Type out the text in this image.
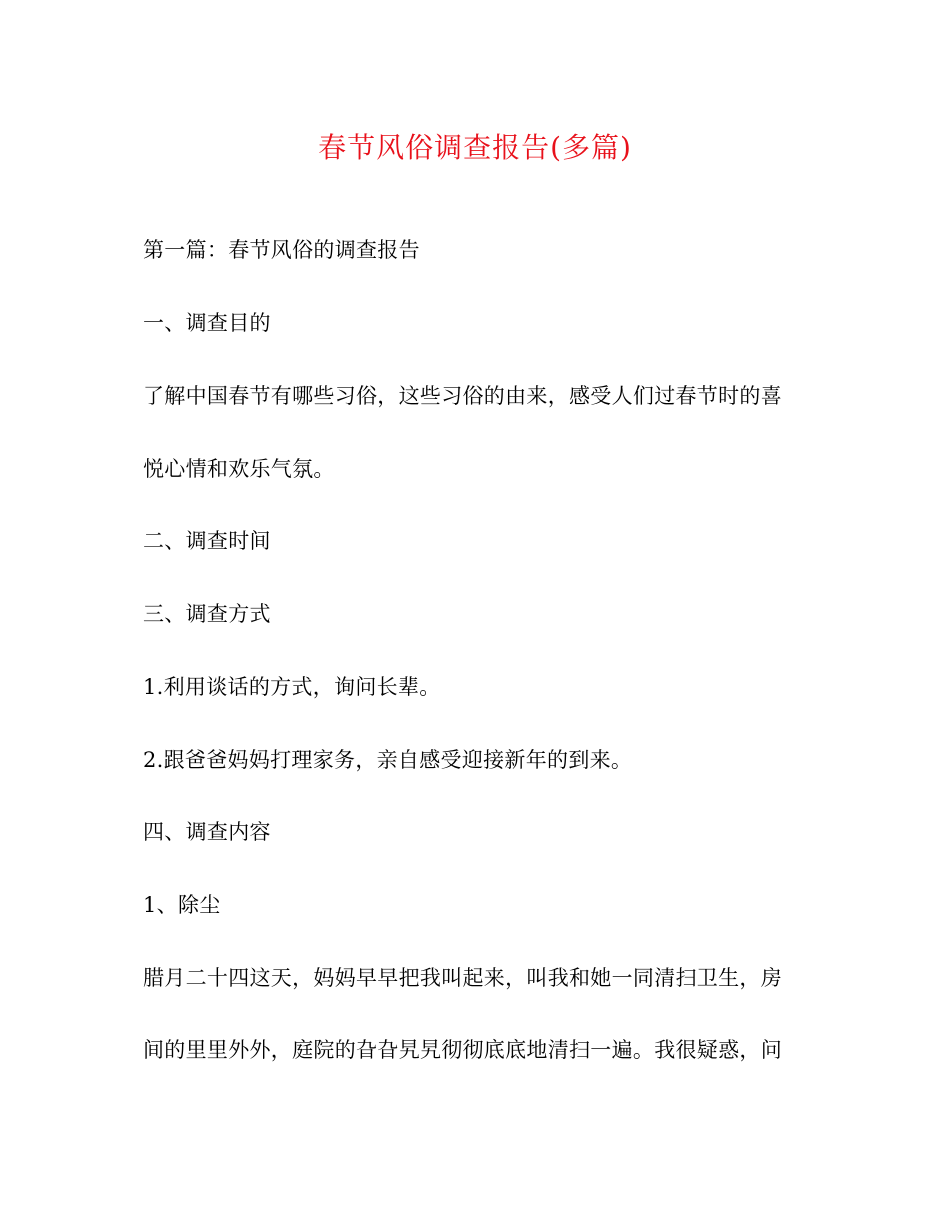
春节风俗调查报告(多篇)
第一篇：春节风俗的调查报告
一、调查目的
了解中国春节有哪些习俗，这些习俗的由来，感受人们过春节时的喜
悦心情和欢乐气氛。
二、调查时间
三、调查方式
1.利用谈话的方式，询问长辈。
2.跟爸爸妈妈打理家务，亲自感受迎接新年的到来。
四、调查内容
1、除尘
腊月二十四这天，妈妈早早把我叫起来，叫我和她一同清扫卫生，房
间的里里外外，庭院的旮旮旯旯彻彻底底地清扫一遍。我很疑惑，问
